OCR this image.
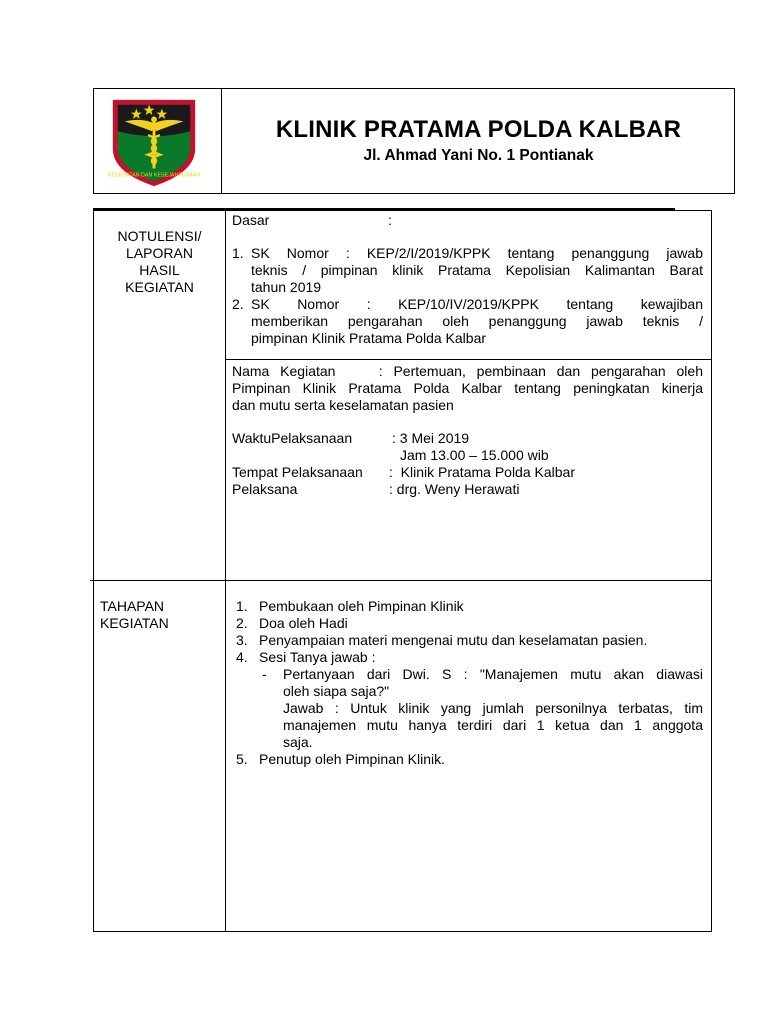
KESEHATAN DAN KESEJAHTERAAN
KLINIK PRATAMA POLDA KALBAR
Jl. Ahmad Yani No. 1 Pontianak
NOTULENSI/
LAPORAN
HASIL
KEGIATAN
Dasar	:
1. SK Nomor : KEP/2/I/2019/KPPK tentang penanggung jawab
teknis / pimpinan klinik Pratama Kepolisian Kalimantan Barat
tahun 2019
2. SK Nomor : KEP/10/IV/2019/KPPK tentang kewajiban
memberikan pengarahan oleh penanggung jawab teknis /
pimpinan Klinik Pratama Polda Kalbar
Nama Kegiatan    : Pertemuan, pembinaan dan pengarahan oleh
Pimpinan Klinik Pratama Polda Kalbar tentang peningkatan kinerja
dan mutu serta keselamatan pasien
WaktuPelaksanaan	: 3 Mei 2019
Jam 13.00 – 15.000 wib
Tempat Pelaksanaan :  Klinik Pratama Polda Kalbar
Pelaksana	: drg. Weny Herawati
TAHAPAN
KEGIATAN
1. Pembukaan oleh Pimpinan Klinik
2. Doa oleh Hadi
3. Penyampaian materi mengenai mutu dan keselamatan pasien.
4. Sesi Tanya jawab :
- Pertanyaan dari Dwi. S : "Manajemen mutu akan diawasi
oleh siapa saja?"
Jawab : Untuk klinik yang jumlah personilnya terbatas, tim
manajemen mutu hanya terdiri dari 1 ketua dan 1 anggota
saja.
5. Penutup oleh Pimpinan Klinik.
